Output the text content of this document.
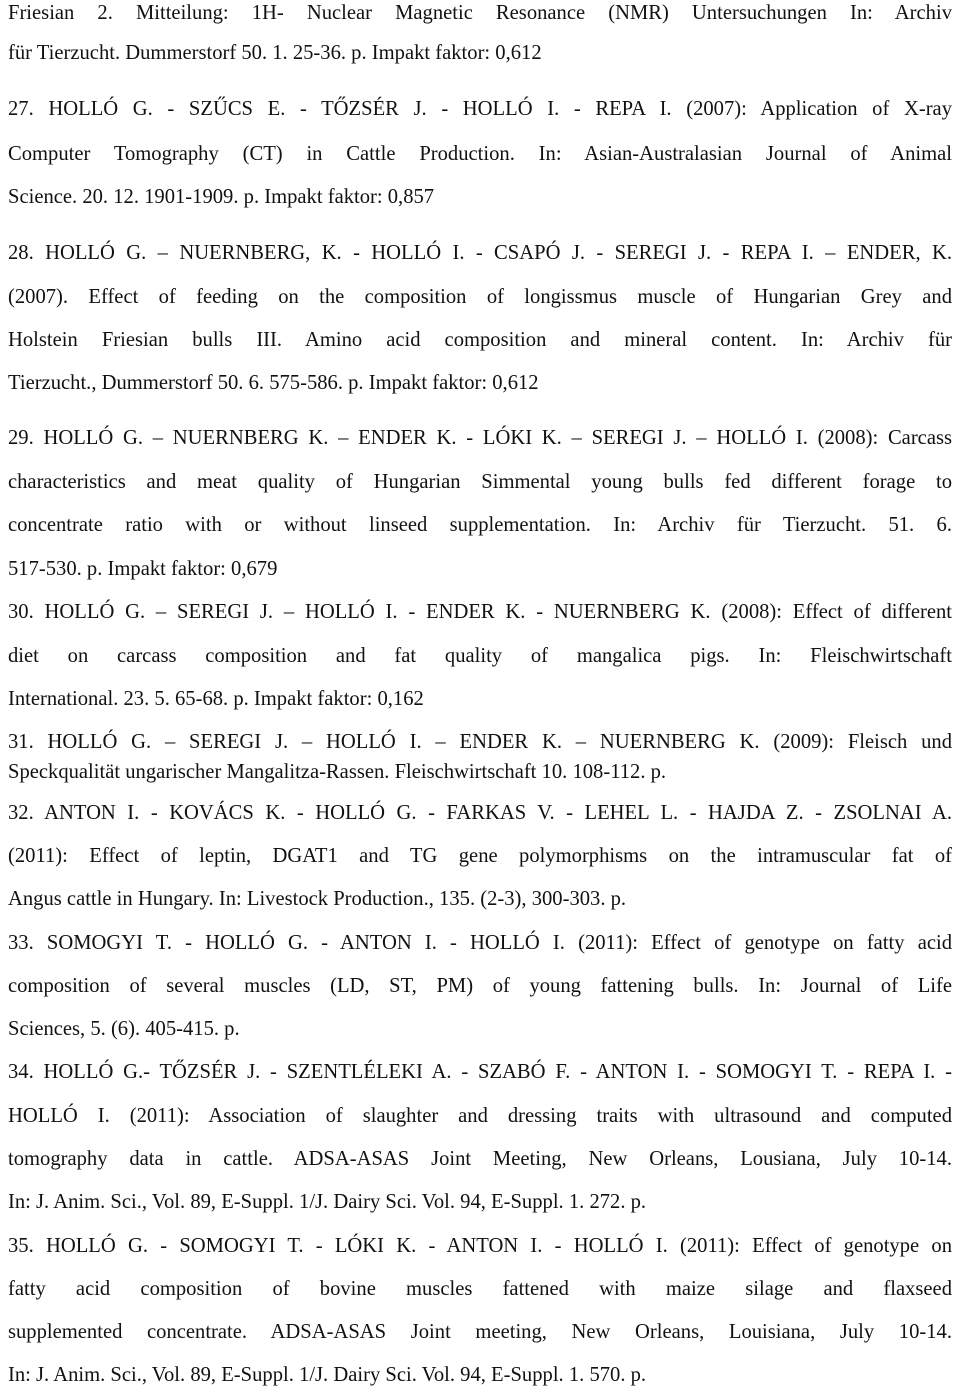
Friesian 2. Mitteilung: 1H- Nuclear Magnetic Resonance (NMR) Untersuchungen In: Archiv
für Tierzucht. Dummerstorf 50. 1. 25-36. p. Impakt faktor: 0,612
27. HOLLÓ G. - SZŰCS E. - TŐZSÉR J. - HOLLÓ I. - REPA I. (2007): Application of X-ray
Computer Tomography (CT) in Cattle Production. In: Asian-Australasian Journal of Animal
Science. 20. 12. 1901-1909. p. Impakt faktor: 0,857
28. HOLLÓ G. – NUERNBERG, K. - HOLLÓ I. - CSAPÓ J. - SEREGI J. - REPA I. – ENDER, K.
(2007). Effect of feeding on the composition of longissmus muscle of Hungarian Grey and
Holstein Friesian bulls III. Amino acid composition and mineral content. In: Archiv für
Tierzucht., Dummerstorf 50. 6. 575-586. p. Impakt faktor: 0,612
29. HOLLÓ G. – NUERNBERG K. – ENDER K. - LÓKI K. – SEREGI J. – HOLLÓ I. (2008): Carcass
characteristics and meat quality of Hungarian Simmental young bulls fed different forage to
concentrate ratio with or without linseed supplementation. In: Archiv für Tierzucht. 51. 6.
517-530. p. Impakt faktor: 0,679
30. HOLLÓ G. – SEREGI J. – HOLLÓ I. - ENDER K. - NUERNBERG K. (2008): Effect of different
diet on carcass composition and fat quality of mangalica pigs. In: Fleischwirtschaft
International. 23. 5. 65-68. p. Impakt faktor: 0,162
31. HOLLÓ G. – SEREGI J. – HOLLÓ I. – ENDER K. – NUERNBERG K. (2009): Fleisch und
Speckqualität ungarischer Mangalitza-Rassen. Fleischwirtschaft 10. 108-112. p.
32. ANTON I. - KOVÁCS K. - HOLLÓ G. - FARKAS V. - LEHEL L. - HAJDA Z. - ZSOLNAI A.
(2011): Effect of leptin, DGAT1 and TG gene polymorphisms on the intramuscular fat of
Angus cattle in Hungary. In: Livestock Production., 135. (2-3), 300-303. p.
33. SOMOGYI T. - HOLLÓ G. - ANTON I. - HOLLÓ I. (2011): Effect of genotype on fatty acid
composition of several muscles (LD, ST, PM) of young fattening bulls. In: Journal of Life
Sciences, 5. (6). 405-415. p.
34. HOLLÓ G.- TŐZSÉR J. - SZENTLÉLEKI A. - SZABÓ F. - ANTON I. - SOMOGYI T. - REPA I. -
HOLLÓ I. (2011): Association of slaughter and dressing traits with ultrasound and computed
tomography data in cattle. ADSA-ASAS Joint Meeting, New Orleans, Lousiana, July 10-14.
In: J. Anim. Sci., Vol. 89, E-Suppl. 1/J. Dairy Sci. Vol. 94, E-Suppl. 1. 272. p.
35. HOLLÓ G. - SOMOGYI T. - LÓKI K. - ANTON I. - HOLLÓ I. (2011): Effect of genotype on
fatty acid composition of bovine muscles fattened with maize silage and flaxseed
supplemented concentrate. ADSA-ASAS Joint meeting, New Orleans, Louisiana, July 10-14.
In: J. Anim. Sci., Vol. 89, E-Suppl. 1/J. Dairy Sci. Vol. 94, E-Suppl. 1. 570. p.
